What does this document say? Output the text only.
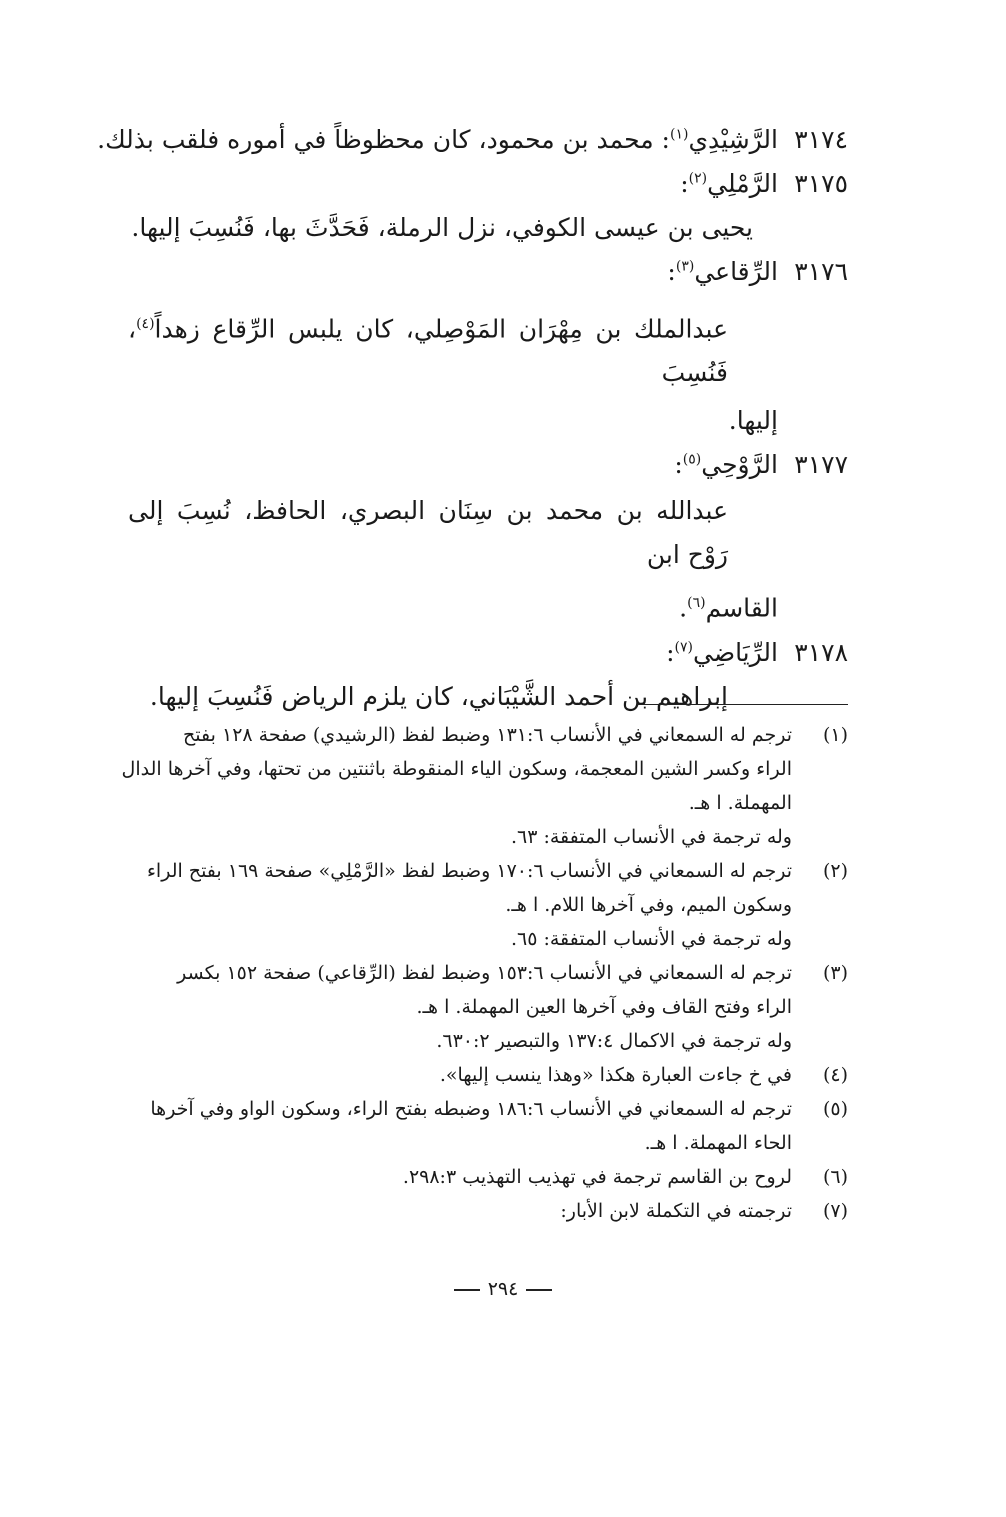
٣١٧٤
الرَّشِيْدِي$^{(١)}$
: محمد بن محمود، كان محظوظاً في أموره فلقب بذلك.
٣١٧٥
الرَّمْلِي$^{(٢)}$
:
يحيى بن عيسى الكوفي، نزل الرملة، فَحَدَّثَ بها، فَنُسِبَ إليها.
٣١٧٦
الرِّقاعي$^{(٣)}$
:
عبدالملك بن مِهْرَان المَوْصِلي، كان يلبس الرِّقاع زهداً$^{(٤)}$، فَنُسِبَ
إليها.
٣١٧٧
الرَّوْحِي$^{(٥)}$
:
عبدالله بن محمد بن سِنَان البصري، الحافظ، نُسِبَ إلى رَوْح ابن
القاسم$^{(٦)}$.
٣١٧٨
الرِّيَاضِي$^{(٧)}$
:
إبراهيم بن أحمد الشَّيْبَاني، كان يلزم الرياض فَنُسِبَ إليها.
(١)
ترجم له السمعاني في الأنساب ١٣١:٦ وضبط لفظ (الرشيدي) صفحة ١٢٨ بفتح
الراء وكسر الشين المعجمة، وسكون الياء المنقوطة باثنتين من تحتها، وفي آخرها الدال
المهملة. ا هـ.
وله ترجمة في الأنساب المتفقة: ٦٣.
(٢)
ترجم له السمعاني في الأنساب ١٧٠:٦ وضبط لفظ «الرَّمْلِي» صفحة ١٦٩ بفتح الراء
وسكون الميم، وفي آخرها اللام. ا هـ.
وله ترجمة في الأنساب المتفقة: ٦٥.
(٣)
ترجم له السمعاني في الأنساب ١٥٣:٦ وضبط لفظ (الرِّقاعي) صفحة ١٥٢ بكسر
الراء وفتح القاف وفي آخرها العين المهملة. ا هـ.
وله ترجمة في الاكمال ١٣٧:٤ والتبصير ٦٣٠:٢.
(٤)
في خ جاءت العبارة هكذا «وهذا ينسب إليها».
(٥)
ترجم له السمعاني في الأنساب ١٨٦:٦ وضبطه بفتح الراء، وسكون الواو وفي آخرها
الحاء المهملة. ا هـ.
(٦)
لروح بن القاسم ترجمة في تهذيب التهذيب ٢٩٨:٣.
(٧)
ترجمته في التكملة لابن الأبار:
٢٩٤
